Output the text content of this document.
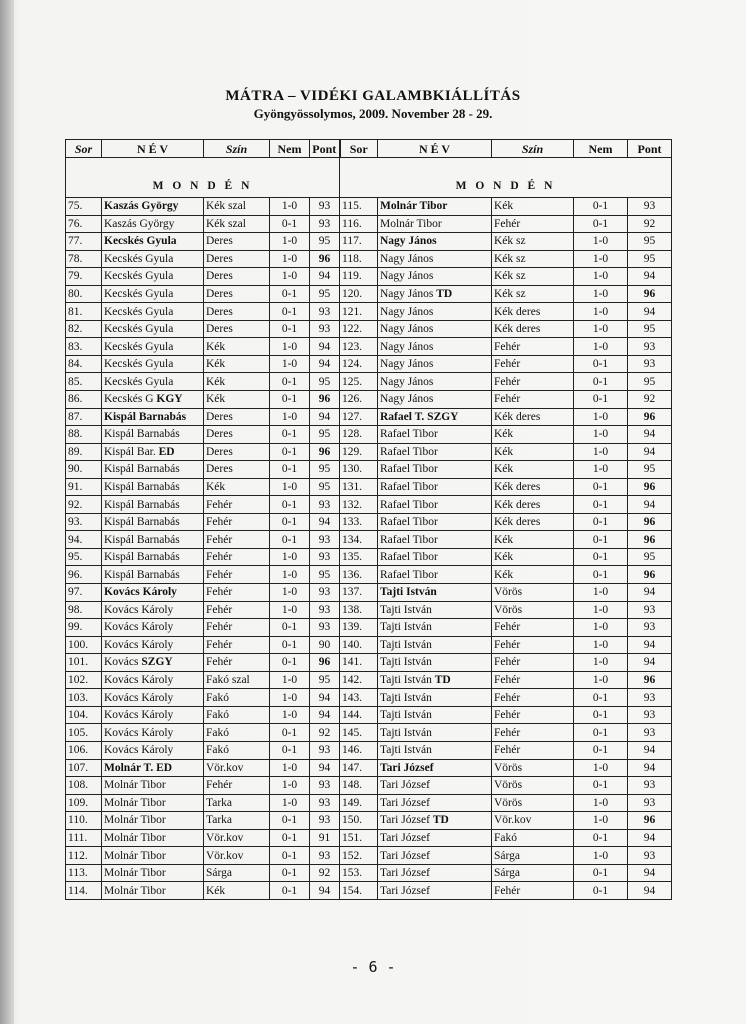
MÁTRA – VIDÉKI GALAMBKIÁLLÍTÁS
Gyöngyössolymos, 2009. November 28 - 29.
Sor	N É V	Szín	Nem	Pont	Sor	N É V	Szín	Nem	Pont
M O N D É N					M O N D É N				
75.	Kaszás György	Kék szal	1-0	93	115.	Molnár Tibor	Kék	0-1	93
76.	Kaszás György	Kék szal	0-1	93	116.	Molnár Tibor	Fehér	0-1	92
77.	Kecskés Gyula	Deres	1-0	95	117.	Nagy János	Kék sz	1-0	95
78.	Kecskés Gyula	Deres	1-0	96	118.	Nagy János	Kék sz	1-0	95
79.	Kecskés Gyula	Deres	1-0	94	119.	Nagy János	Kék sz	1-0	94
80.	Kecskés Gyula	Deres	0-1	95	120.	Nagy János TD	Kék sz	1-0	96
81.	Kecskés Gyula	Deres	0-1	93	121.	Nagy János	Kék deres	1-0	94
82.	Kecskés Gyula	Deres	0-1	93	122.	Nagy János	Kék deres	1-0	95
83.	Kecskés Gyula	Kék	1-0	94	123.	Nagy János	Fehér	1-0	93
84.	Kecskés Gyula	Kék	1-0	94	124.	Nagy János	Fehér	0-1	93
85.	Kecskés Gyula	Kék	0-1	95	125.	Nagy János	Fehér	0-1	95
86.	Kecskés G KGY	Kék	0-1	96	126.	Nagy János	Fehér	0-1	92
87.	Kispál Barnabás	Deres	1-0	94	127.	Rafael T. SZGY	Kék deres	1-0	96
88.	Kispál Barnabás	Deres	0-1	95	128.	Rafael Tibor	Kék	1-0	94
89.	Kispál Bar. ED	Deres	0-1	96	129.	Rafael Tibor	Kék	1-0	94
90.	Kispál Barnabás	Deres	0-1	95	130.	Rafael Tibor	Kék	1-0	95
91.	Kispál Barnabás	Kék	1-0	95	131.	Rafael Tibor	Kék deres	0-1	96
92.	Kispál Barnabás	Fehér	0-1	93	132.	Rafael Tibor	Kék deres	0-1	94
93.	Kispál Barnabás	Fehér	0-1	94	133.	Rafael Tibor	Kék deres	0-1	96
94.	Kispál Barnabás	Fehér	0-1	93	134.	Rafael Tibor	Kék	0-1	96
95.	Kispál Barnabás	Fehér	1-0	93	135.	Rafael Tibor	Kék	0-1	95
96.	Kispál Barnabás	Fehér	1-0	95	136.	Rafael Tibor	Kék	0-1	96
97.	Kovács Károly	Fehér	1-0	93	137.	Tajti István	Vörös	1-0	94
98.	Kovács Károly	Fehér	1-0	93	138.	Tajti István	Vörös	1-0	93
99.	Kovács Károly	Fehér	0-1	93	139.	Tajti István	Fehér	1-0	93
100.	Kovács Károly	Fehér	0-1	90	140.	Tajti István	Fehér	1-0	94
101.	Kovács SZGY	Fehér	0-1	96	141.	Tajti István	Fehér	1-0	94
102.	Kovács Károly	Fakó szal	1-0	95	142.	Tajti István TD	Fehér	1-0	96
103.	Kovács Károly	Fakó	1-0	94	143.	Tajti István	Fehér	0-1	93
104.	Kovács Károly	Fakó	1-0	94	144.	Tajti István	Fehér	0-1	93
105.	Kovács Károly	Fakó	0-1	92	145.	Tajti István	Fehér	0-1	93
106.	Kovács Károly	Fakó	0-1	93	146.	Tajti István	Fehér	0-1	94
107.	Molnár T. ED	Vör.kov	1-0	94	147.	Tari József	Vörös	1-0	94
108.	Molnár Tibor	Fehér	1-0	93	148.	Tari József	Vörös	0-1	93
109.	Molnár Tibor	Tarka	1-0	93	149.	Tari József	Vörös	1-0	93
110.	Molnár Tibor	Tarka	0-1	93	150.	Tari József TD	Vör.kov	1-0	96
111.	Molnár Tibor	Vör.kov	0-1	91	151.	Tari József	Fakó	0-1	94
112.	Molnár Tibor	Vör.kov	0-1	93	152.	Tari József	Sárga	1-0	93
113.	Molnár Tibor	Sárga	0-1	92	153.	Tari József	Sárga	0-1	94
114.	Molnár Tibor	Kék	0-1	94	154.	Tari József	Fehér	0-1	94
- 6 -
